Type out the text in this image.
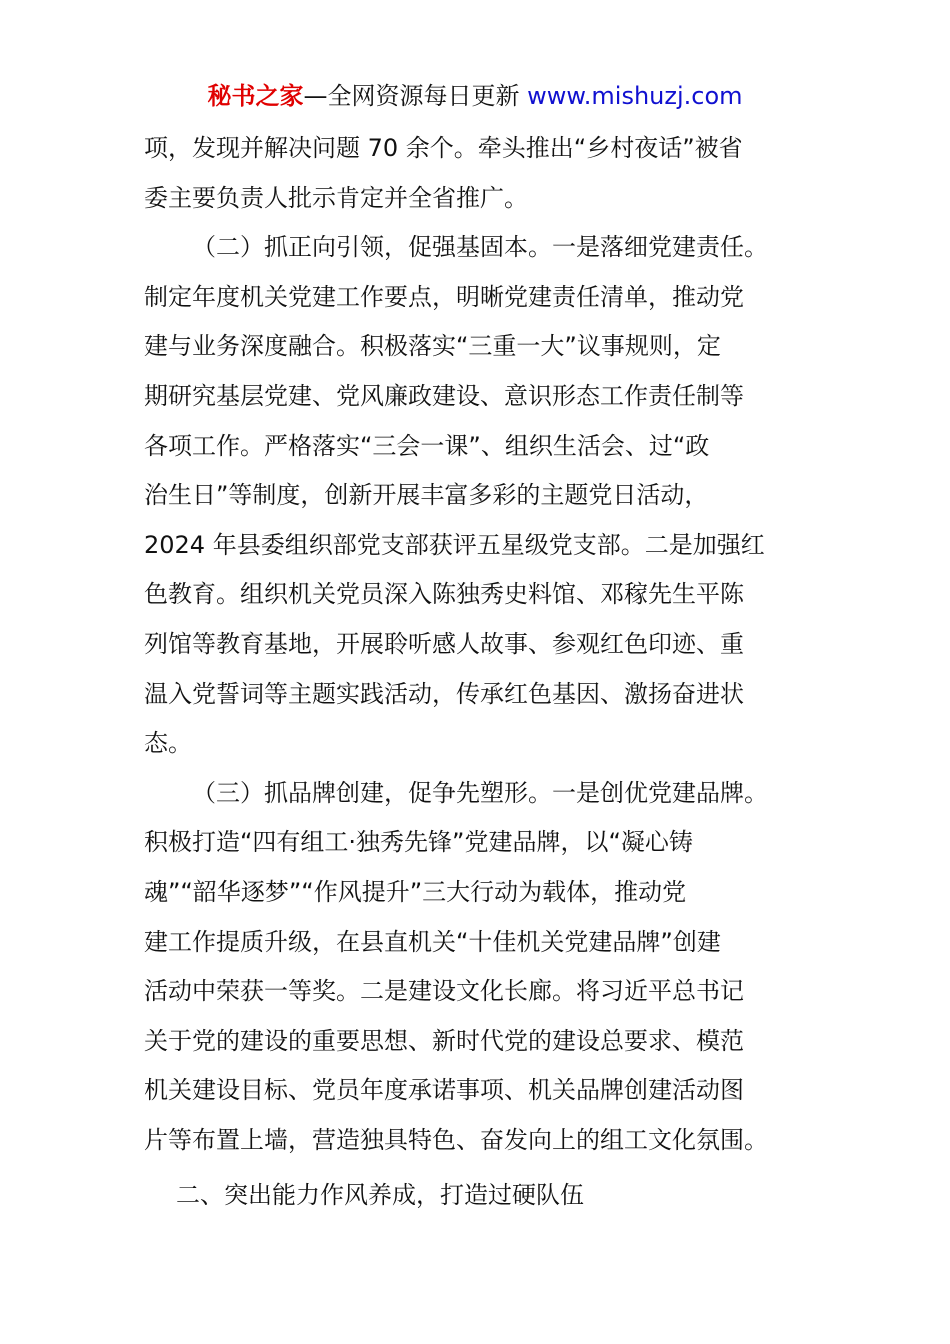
秘书之家—全网资源每日更新 www.mishuzj.com
项，发现并解决问题 70 余个。牵头推出“乡村夜话”被省
委主要负责人批示肯定并全省推广。
（二）抓正向引领，促强基固本。一是落细党建责任。
制定年度机关党建工作要点，明晰党建责任清单，推动党
建与业务深度融合。积极落实“三重一大”议事规则，定
期研究基层党建、党风廉政建设、意识形态工作责任制等
各项工作。严格落实“三会一课”、组织生活会、过“政
治生日”等制度，创新开展丰富多彩的主题党日活动，
2024 年县委组织部党支部获评五星级党支部。二是加强红
色教育。组织机关党员深入陈独秀史料馆、邓稼先生平陈
列馆等教育基地，开展聆听感人故事、参观红色印迹、重
温入党誓词等主题实践活动，传承红色基因、激扬奋进状
态。
（三）抓品牌创建，促争先塑形。一是创优党建品牌。
积极打造“四有组工·独秀先锋”党建品牌，以“凝心铸
魂”“韶华逐梦”“作风提升”三大行动为载体，推动党
建工作提质升级，在县直机关“十佳机关党建品牌”创建
活动中荣获一等奖。二是建设文化长廊。将习近平总书记
关于党的建设的重要思想、新时代党的建设总要求、模范
机关建设目标、党员年度承诺事项、机关品牌创建活动图
片等布置上墙，营造独具特色、奋发向上的组工文化氛围。
二、突出能力作风养成，打造过硬队伍
